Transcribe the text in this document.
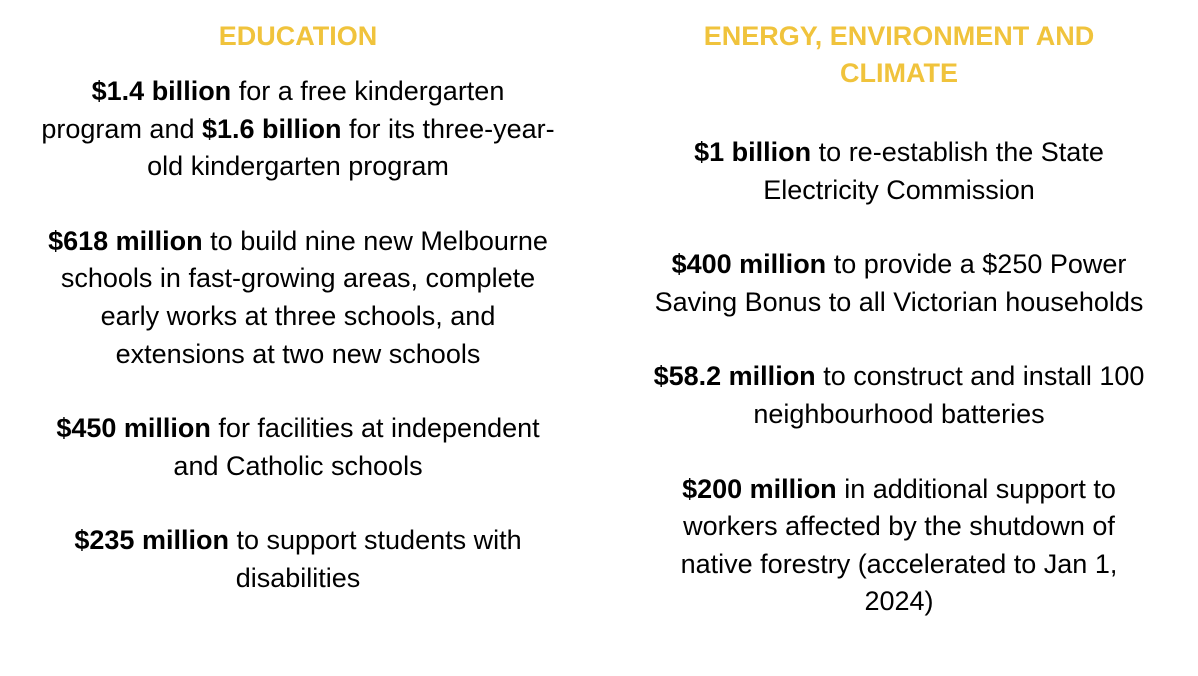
EDUCATION

$1.4 billion for a free kindergarten program and $1.6 billion for its three-year-old kindergarten program

$618 million to build nine new Melbourne schools in fast-growing areas, complete early works at three schools, and extensions at two new schools

$450 million for facilities at independent and Catholic schools

$235 million to support students with disabilities

ENERGY, ENVIRONMENT AND CLIMATE

$1 billion to re-establish the State Electricity Commission

$400 million to provide a $250 Power Saving Bonus to all Victorian households

$58.2 million to construct and install 100 neighbourhood batteries

$200 million in additional support to workers affected by the shutdown of native forestry (accelerated to Jan 1, 2024)
